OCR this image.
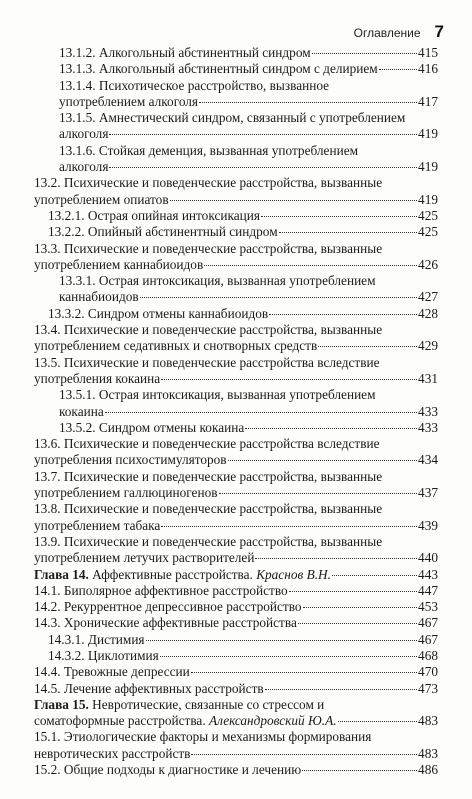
Оглавление 7
13.1.2. Алкогольный абстинентный синдром	415
13.1.3. Алкогольный абстинентный синдром с делирием	416
13.1.4. Психотическое расстройство, вызванное
употреблением алкоголя	417
13.1.5. Амнестический синдром, связанный с употреблением
алкоголя	419
13.1.6. Стойкая деменция, вызванная употреблением
алкоголя	419
13.2. Психические и поведенческие расстройства, вызванные
употреблением опиатов	419
13.2.1. Острая опийная интоксикация	425
13.2.2. Опийный абстинентный синдром	425
13.3. Психические и поведенческие расстройства, вызванные
употреблением каннабиоидов	426
13.3.1. Острая интоксикация, вызванная употреблением
каннабиоидов	427
13.3.2. Синдром отмены каннабиоидов	428
13.4. Психические и поведенческие расстройства, вызванные
употреблением седативных и снотворных средств	429
13.5. Психические и поведенческие расстройства вследствие
употребления кокаина	431
13.5.1. Острая интоксикация, вызванная употреблением
кокаина	433
13.5.2. Синдром отмены кокаина	433
13.6. Психические и поведенческие расстройства вследствие
употребления психостимуляторов	434
13.7. Психические и поведенческие расстройства, вызванные
употреблением галлюциногенов	437
13.8. Психические и поведенческие расстройства, вызванные
употреблением табака	439
13.9. Психические и поведенческие расстройства, вызванные
употреблением летучих растворителей	440
Глава 14. Аффективные расстройства. Краснов В.Н.	443
14.1. Биполярное аффективное расстройство	447
14.2. Рекуррентное депрессивное расстройство	453
14.3. Хронические аффективные расстройства	467
14.3.1. Дистимия	467
14.3.2. Циклотимия	468
14.4. Тревожные депрессии	470
14.5. Лечение аффективных расстройств	473
Глава 15. Невротические, связанные со стрессом и
соматоформные расстройства. Александровский Ю.А.	483
15.1. Этиологические факторы и механизмы формирования
невротических расстройств	483
15.2. Общие подходы к диагностике и лечению	486
